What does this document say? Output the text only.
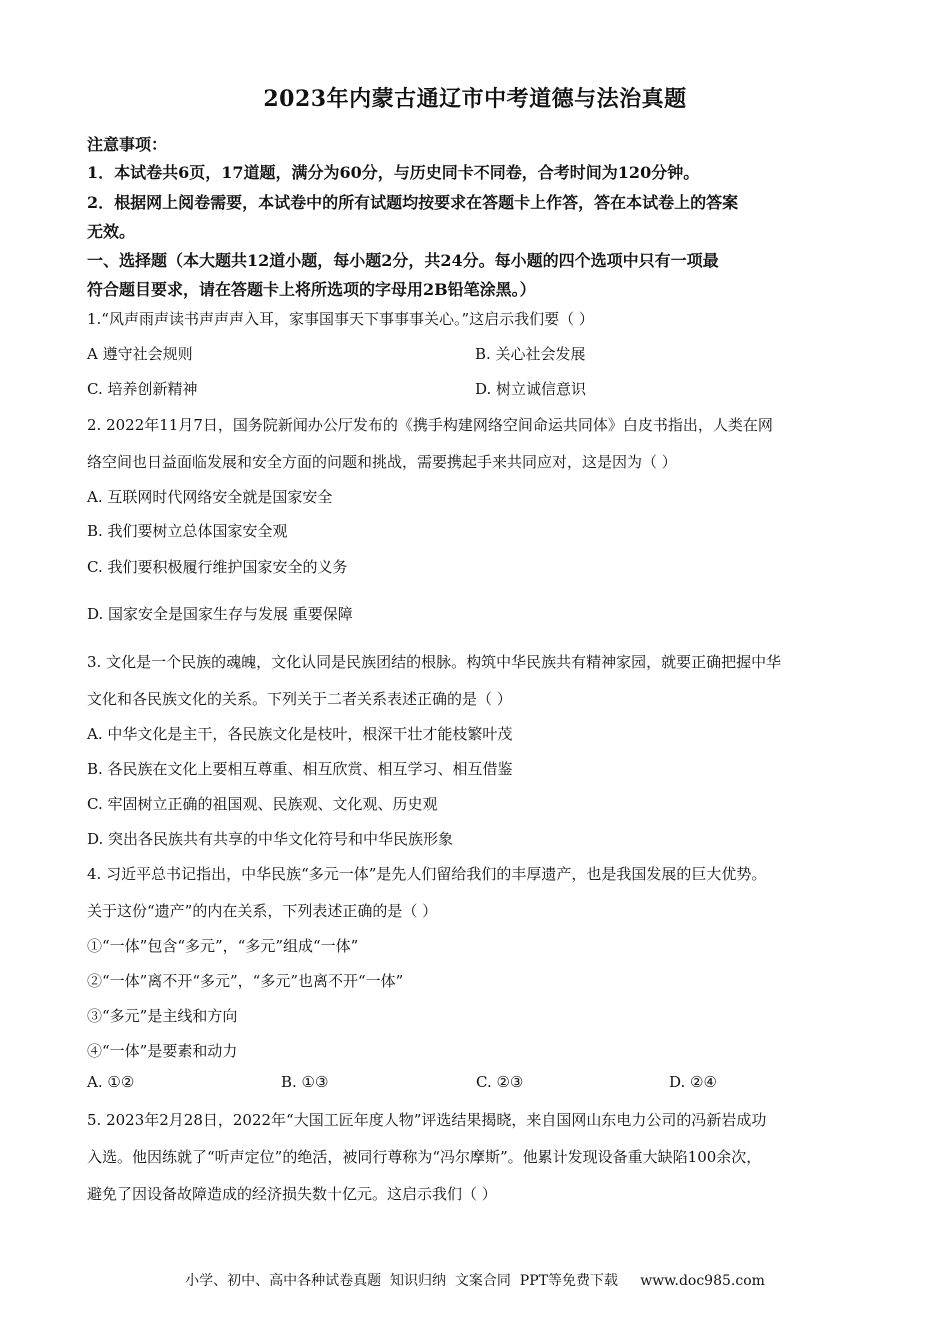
2023年内蒙古通辽市中考道德与法治真题
注意事项：
1．本试卷共6页，17道题，满分为60分，与历史同卡不同卷，合考时间为120分钟。
2．根据网上阅卷需要，本试卷中的所有试题均按要求在答题卡上作答，答在本试卷上的答案
无效。
一、选择题（本大题共12道小题，每小题2分，共24分。每小题的四个选项中只有一项最
符合题目要求，请在答题卡上将所选项的字母用2B铅笔涂黑。）
1.“风声雨声读书声声声入耳，家事国事天下事事事关心。”这启示我们要（ ）
A 遵守社会规则	B. 关心社会发展
C. 培养创新精神	D. 树立诚信意识
2. 2022年11月7日，国务院新闻办公厅发布的《携手构建网络空间命运共同体》白皮书指出，人类在网
络空间也日益面临发展和安全方面的问题和挑战，需要携起手来共同应对，这是因为（ ）
A. 互联网时代网络安全就是国家安全
B. 我们要树立总体国家安全观
C. 我们要积极履行维护国家安全的义务
D. 国家安全是国家生存与发展 重要保障
3. 文化是一个民族的魂魄，文化认同是民族团结的根脉。构筑中华民族共有精神家园，就要正确把握中华
文化和各民族文化的关系。下列关于二者关系表述正确的是（ ）
A. 中华文化是主干，各民族文化是枝叶，根深干壮才能枝繁叶茂
B. 各民族在文化上要相互尊重、相互欣赏、相互学习、相互借鉴
C. 牢固树立正确的祖国观、民族观、文化观、历史观
D. 突出各民族共有共享的中华文化符号和中华民族形象
4. 习近平总书记指出，中华民族“多元一体”是先人们留给我们的丰厚遗产，也是我国发展的巨大优势。
关于这份“遗产”的内在关系，下列表述正确的是（ ）
①“一体”包含“多元”，“多元”组成“一体”
②“一体”离不开“多元”，“多元”也离不开“一体”
③“多元”是主线和方向
④“一体”是要素和动力
A. ①②	B. ①③	C. ②③	D. ②④
5. 2023年2月28日，2022年“大国工匠年度人物”评选结果揭晓，来自国网山东电力公司的冯新岩成功
入选。他因练就了“听声定位”的绝活，被同行尊称为“冯尔摩斯”。他累计发现设备重大缺陷100余次，
避免了因设备故障造成的经济损失数十亿元。这启示我们（ ）
小学、初中、高中各种试卷真题  知识归纳  文案合同  PPT等免费下载     www.doc985.com
